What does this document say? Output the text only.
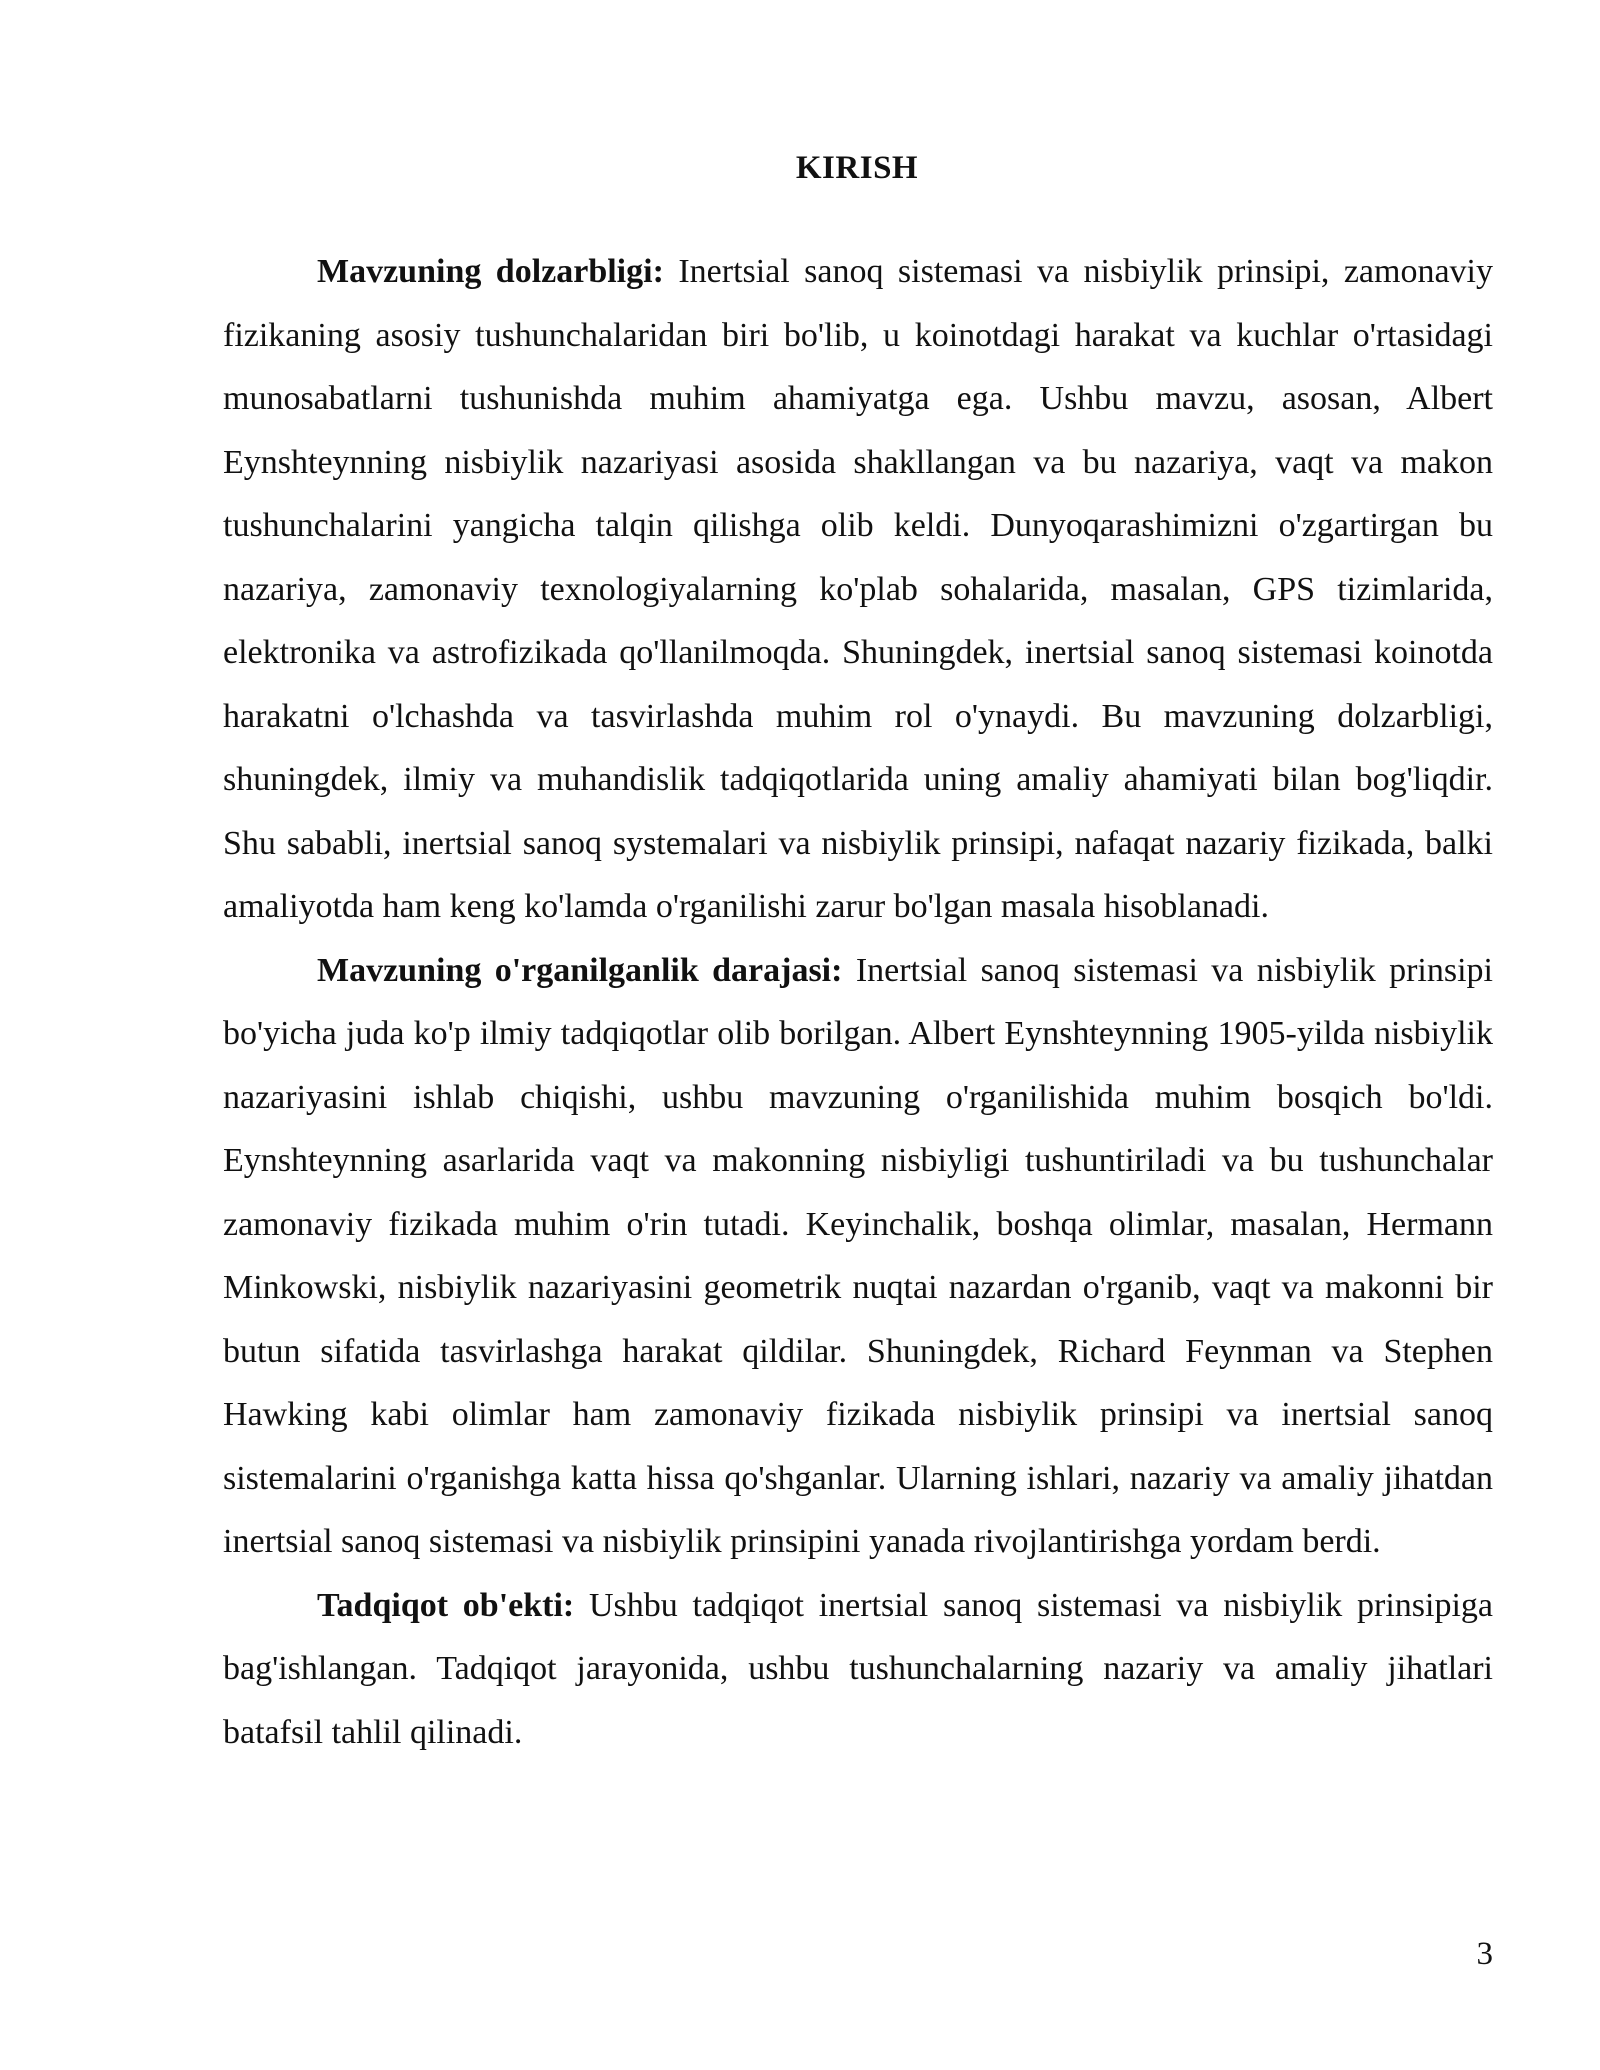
KIRISH

Mavzuning dolzarbligi: Inertsial sanoq sistemasi va nisbiylik prinsipi, zamonaviy fizikaning asosiy tushunchalaridan biri bo'lib, u koinotdagi harakat va kuchlar o'rtasidagi munosabatlarni tushunishda muhim ahamiyatga ega. Ushbu mavzu, asosan, Albert Eynshteynning nisbiylik nazariyasi asosida shakllangan va bu nazariya, vaqt va makon tushunchalarini yangicha talqin qilishga olib keldi. Dunyoqarashimizni o'zgartirgan bu nazariya, zamonaviy texnologiyalarning ko'plab sohalarida, masalan, GPS tizimlarida, elektronika va astrofizikada qo'llanilmoqda. Shuningdek, inertsial sanoq sistemasi koinotda harakatni o'lchashda va tasvirlashda muhim rol o'ynaydi. Bu mavzuning dolzarbligi, shuningdek, ilmiy va muhandislik tadqiqotlarida uning amaliy ahamiyati bilan bog'liqdir. Shu sababli, inertsial sanoq systemalari va nisbiylik prinsipi, nafaqat nazariy fizikada, balki amaliyotda ham keng ko'lamda o'rganilishi zarur bo'lgan masala hisoblanadi.

Mavzuning o'rganilganlik darajasi: Inertsial sanoq sistemasi va nisbiylik prinsipi bo'yicha juda ko'p ilmiy tadqiqotlar olib borilgan. Albert Eynshteynning 1905-yilda nisbiylik nazariyasini ishlab chiqishi, ushbu mavzuning o'rganilishida muhim bosqich bo'ldi. Eynshteynning asarlarida vaqt va makonning nisbiyligi tushuntiriladi va bu tushunchalar zamonaviy fizikada muhim o'rin tutadi. Keyinchalik, boshqa olimlar, masalan, Hermann Minkowski, nisbiylik nazariyasini geometrik nuqtai nazardan o'rganib, vaqt va makonni bir butun sifatida tasvirlashga harakat qildilar. Shuningdek, Richard Feynman va Stephen Hawking kabi olimlar ham zamonaviy fizikada nisbiylik prinsipi va inertsial sanoq sistemalarini o'rganishga katta hissa qo'shganlar. Ularning ishlari, nazariy va amaliy jihatdan inertsial sanoq sistemasi va nisbiylik prinsipini yanada rivojlantirishga yordam berdi.

Tadqiqot ob'ekti: Ushbu tadqiqot inertsial sanoq sistemasi va nisbiylik prinsipiga bag'ishlangan. Tadqiqot jarayonida, ushbu tushunchalarning nazariy va amaliy jihatlari batafsil tahlil qilinadi.

3
